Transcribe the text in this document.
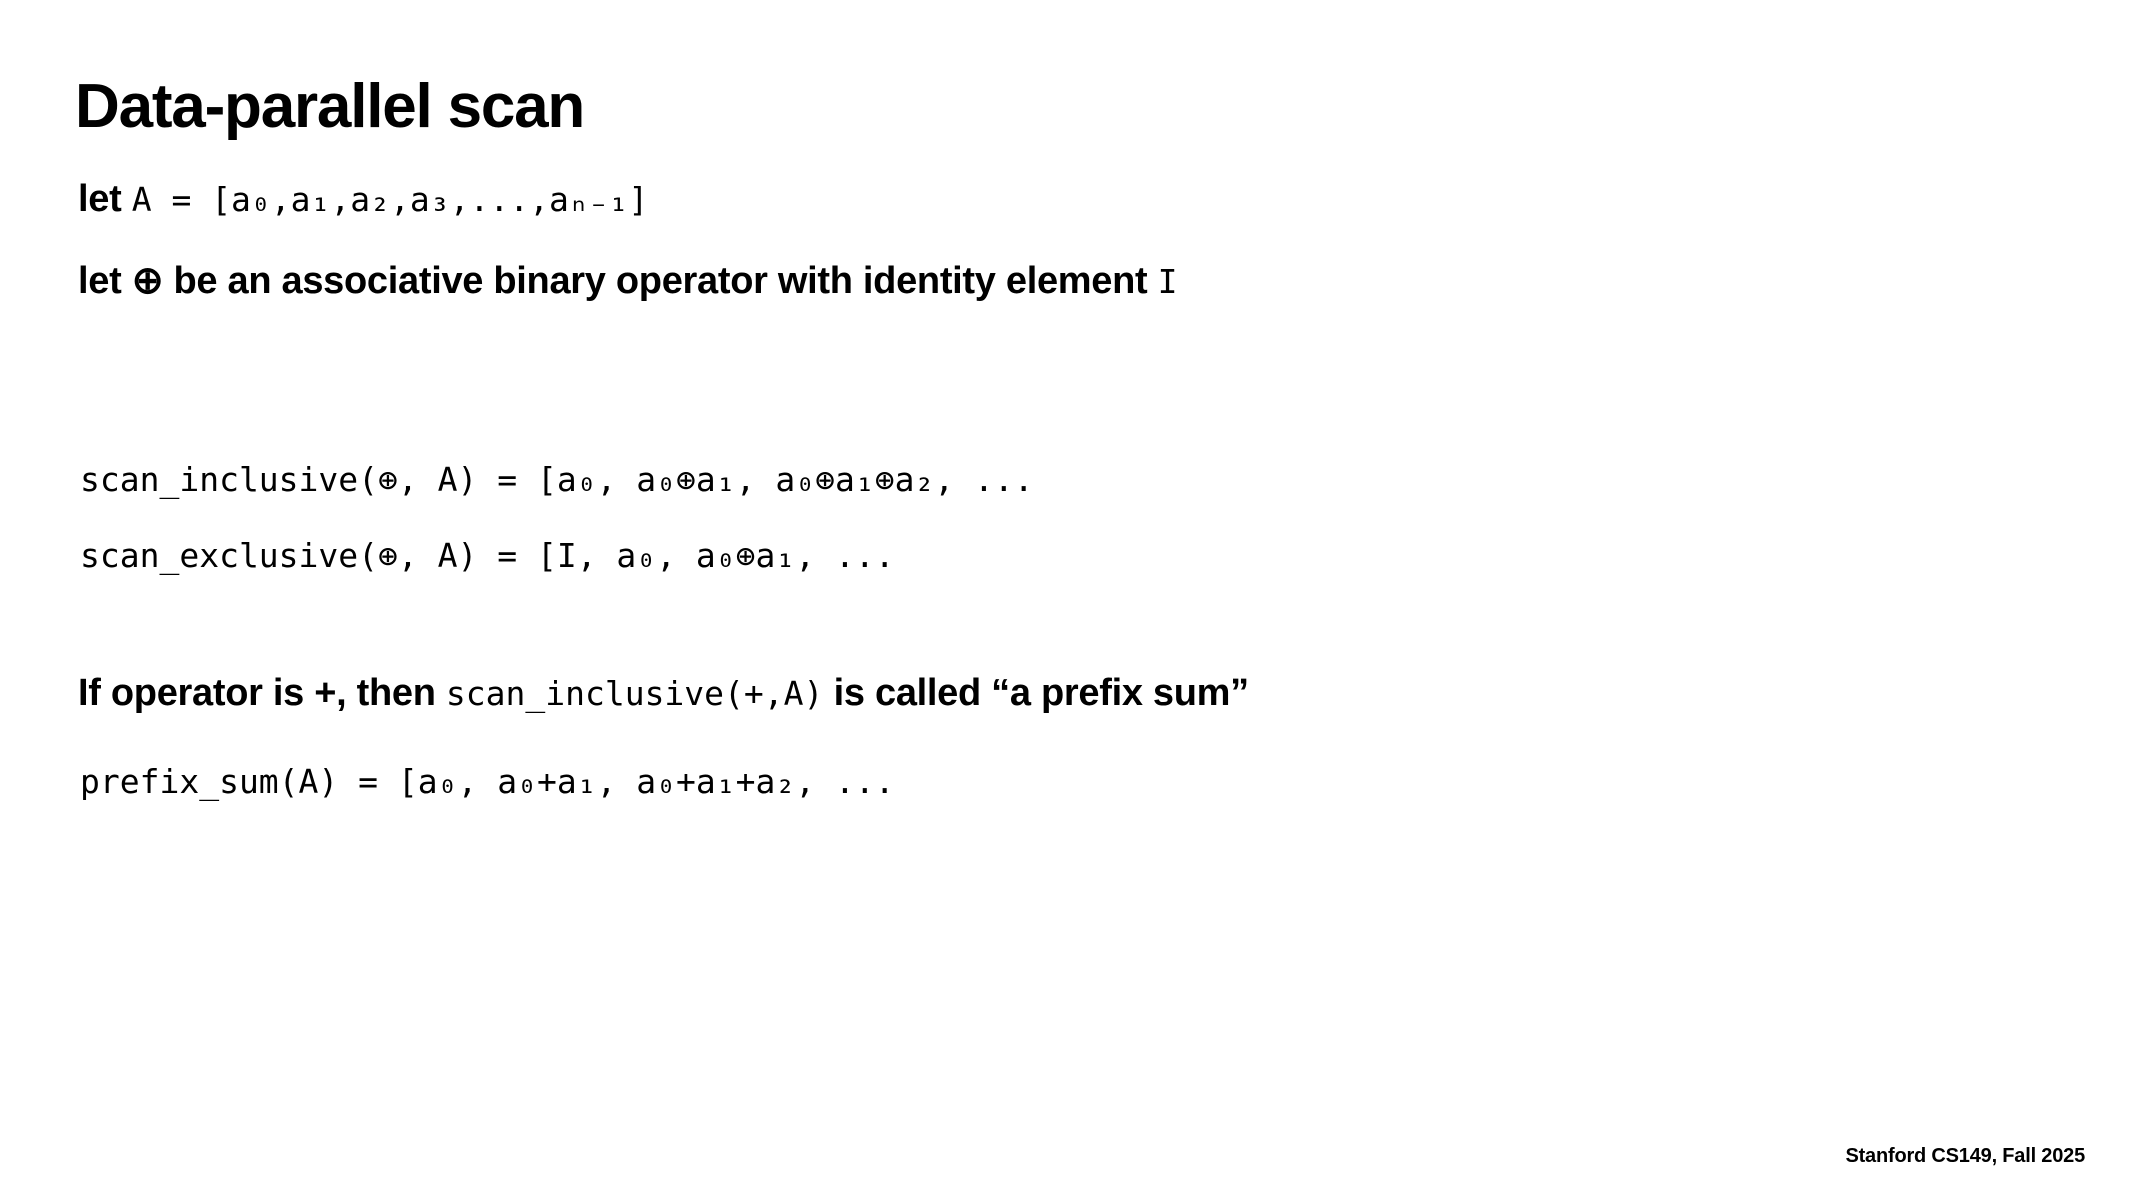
Data-parallel scan
let A = [a₀,a₁,a₂,a₃,...,aₙ₋₁]
let ⊕ be an associative binary operator with identity element I
scan_inclusive(⊕, A) = [a₀, a₀⊕a₁, a₀⊕a₁⊕a₂, ...
scan_exclusive(⊕, A) = [I, a₀, a₀⊕a₁, ...
If operator is +, then scan_inclusive(+,A) is called “a prefix sum”
prefix_sum(A) = [a₀, a₀+a₁, a₀+a₁+a₂, ...
Stanford CS149, Fall 2025
